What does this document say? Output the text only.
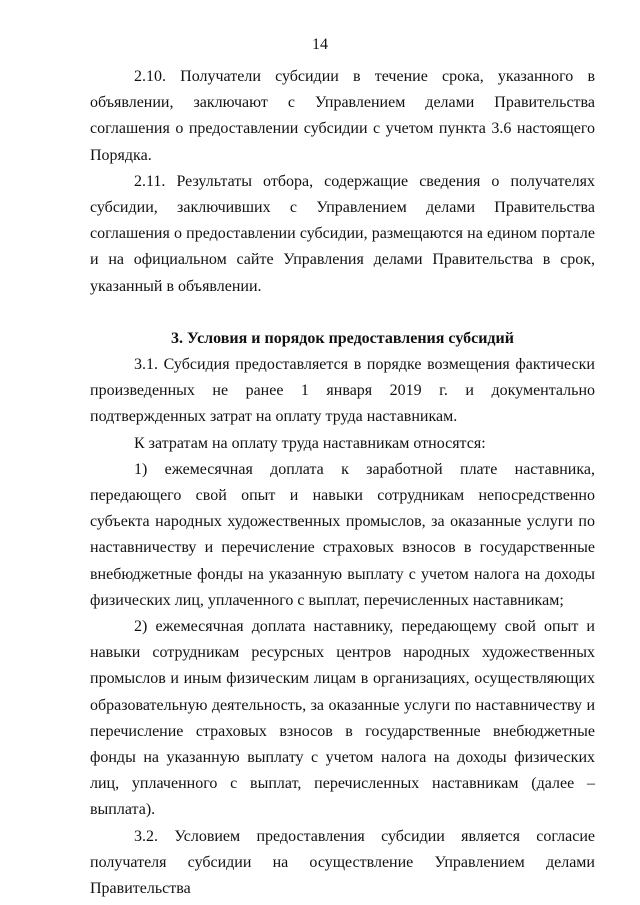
14

2.10. Получатели субсидии в течение срока, указанного в объявлении, заключают с Управлением делами Правительства соглашения о предоставлении субсидии с учетом пункта 3.6 настоящего Порядка.

2.11. Результаты отбора, содержащие сведения о получателях субсидии, заключивших с Управлением делами Правительства соглашения о предоставлении субсидии, размещаются на едином портале и на официальном сайте Управления делами Правительства в срок, указанный в объявлении.

3. Условия и порядок предоставления субсидий

3.1. Субсидия предоставляется в порядке возмещения фактически произведенных не ранее 1 января 2019 г. и документально подтвержденных затрат на оплату труда наставникам.

К затратам на оплату труда наставникам относятся:

1) ежемесячная доплата к заработной плате наставника, передающего свой опыт и навыки сотрудникам непосредственно субъекта народных художественных промыслов, за оказанные услуги по наставничеству и перечисление страховых взносов в государственные внебюджетные фонды на указанную выплату с учетом налога на доходы физических лиц, уплаченного с выплат, перечисленных наставникам;

2) ежемесячная доплата наставнику, передающему свой опыт и навыки сотрудникам ресурсных центров народных художественных промыслов и иным физическим лицам в организациях, осуществляющих образовательную деятельность, за оказанные услуги по наставничеству и перечисление страховых взносов в государственные внебюджетные фонды на указанную выплату с учетом налога на доходы физических лиц, уплаченного с выплат, перечисленных наставникам (далее – выплата).

3.2. Условием предоставления субсидии является согласие получателя субсидии на осуществление Управлением делами Правительства
